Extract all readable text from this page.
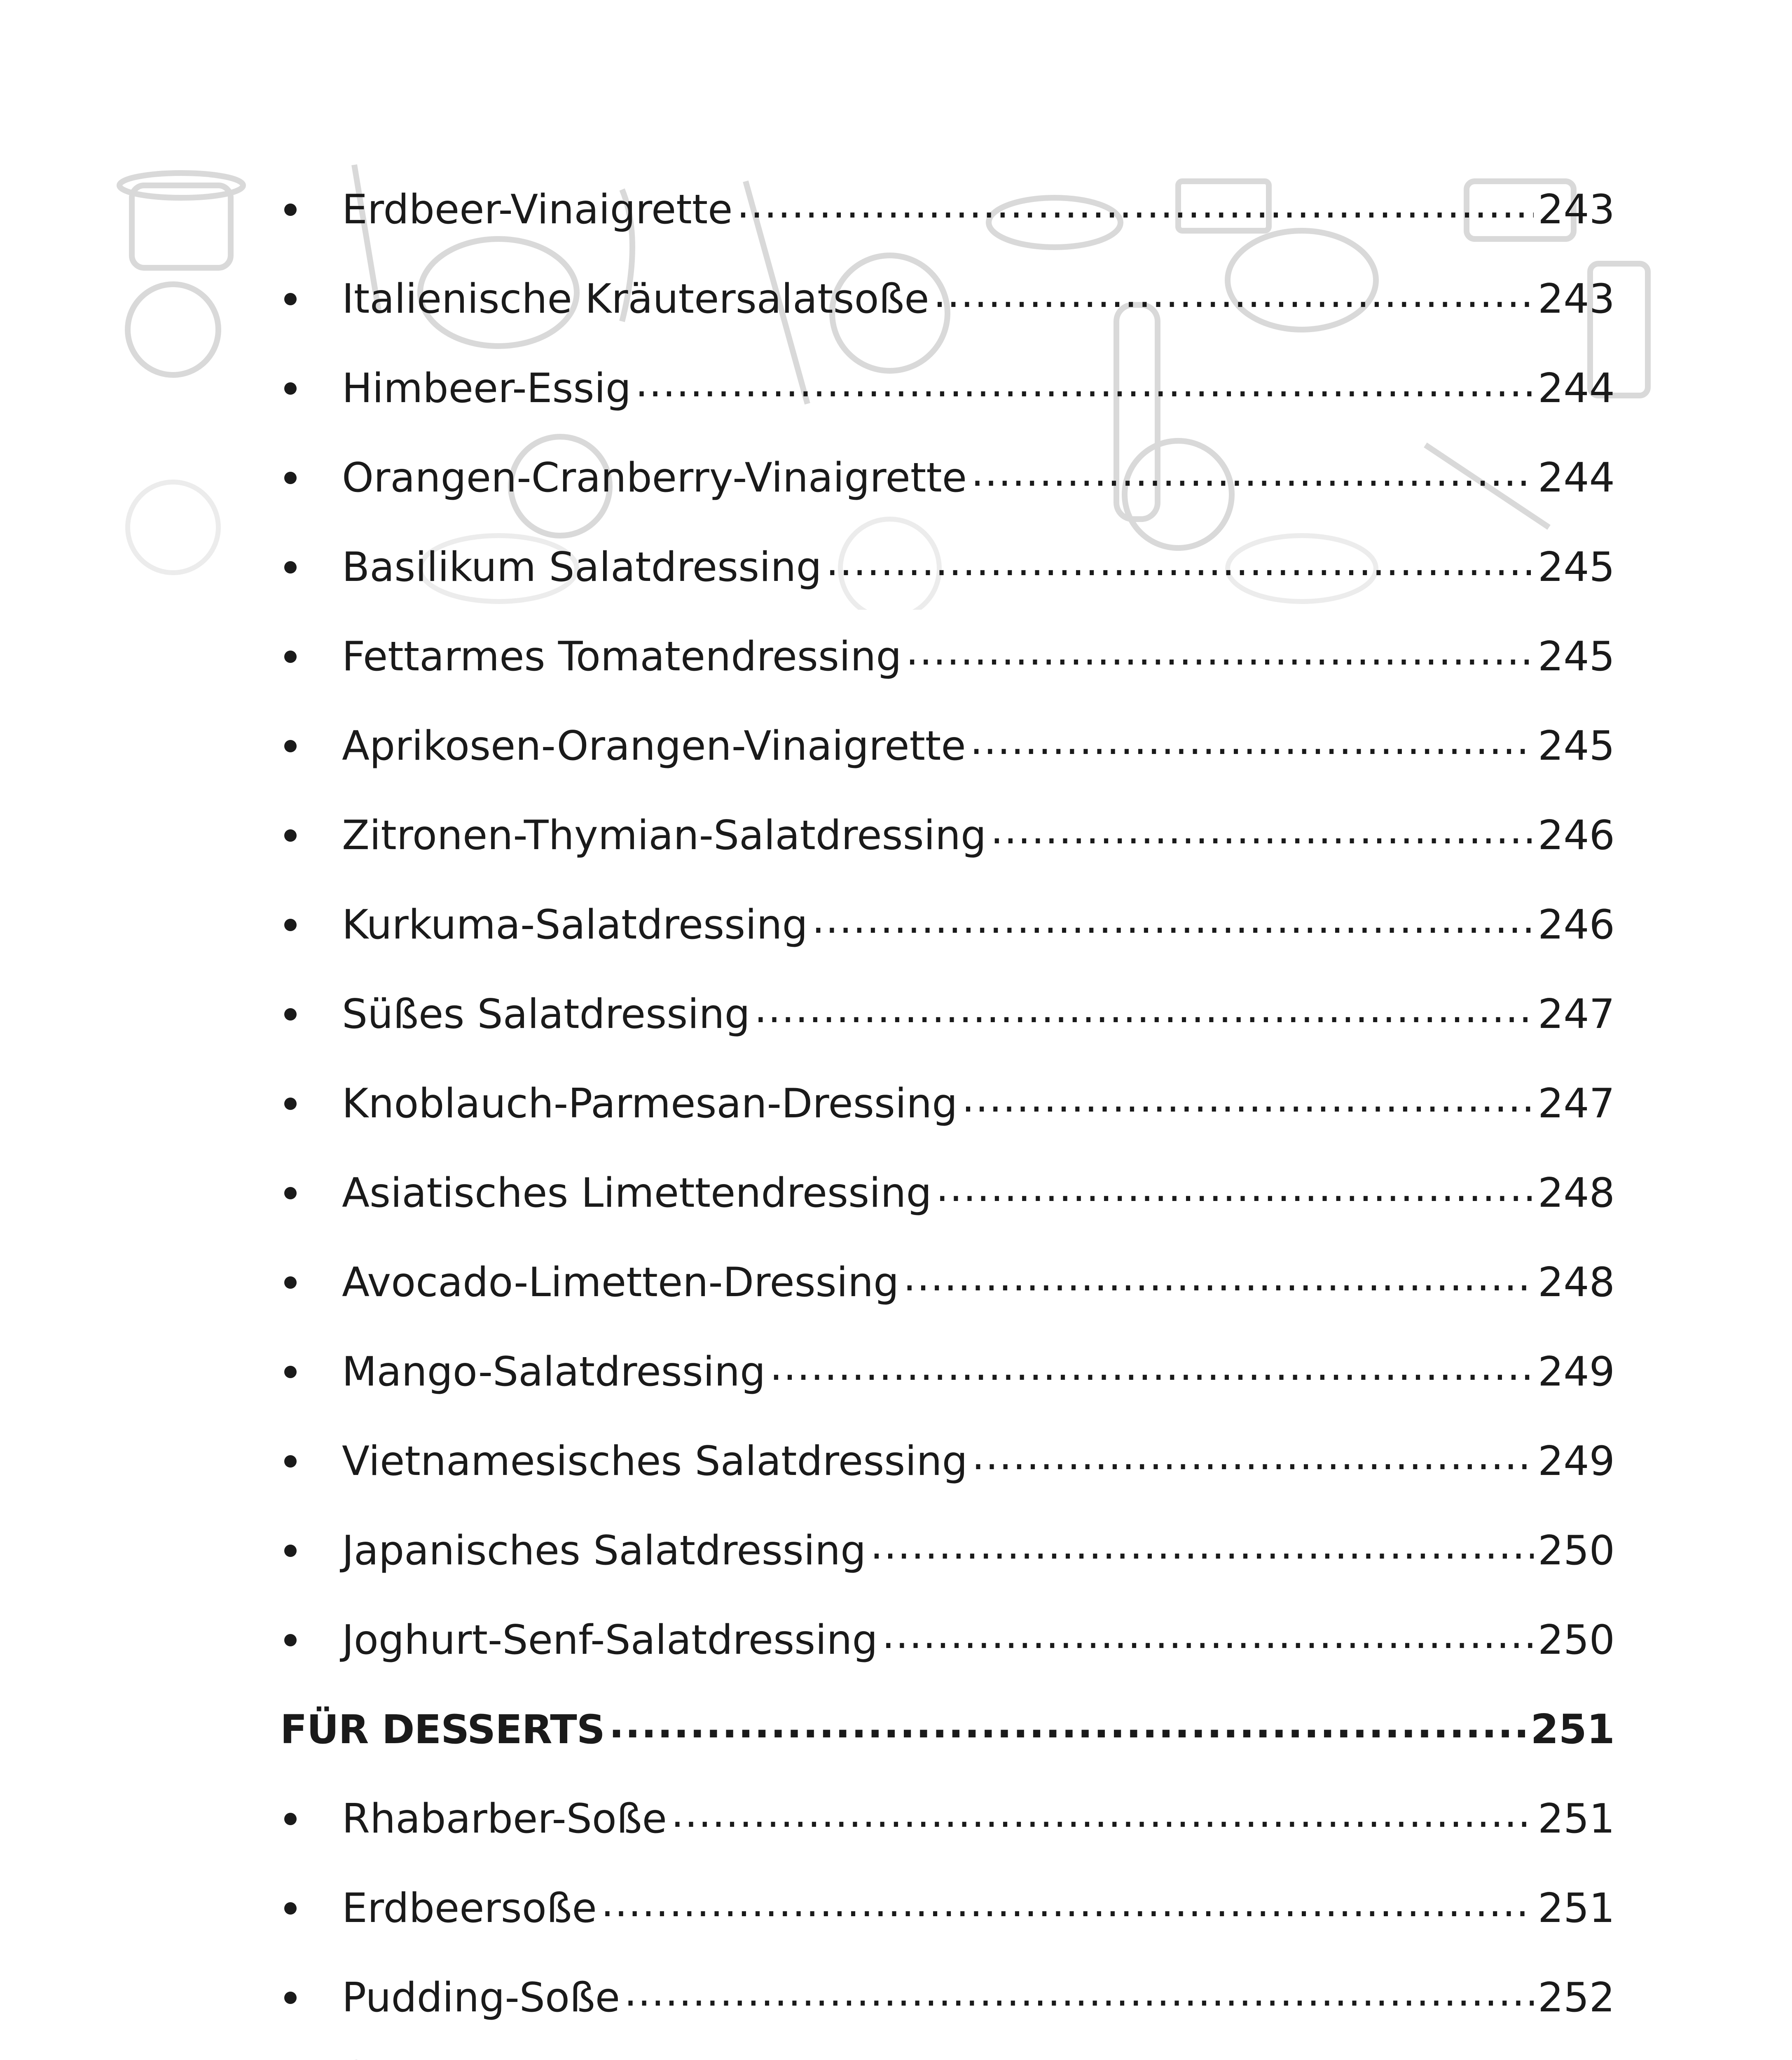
Erdbeer-Vinaigrette .....	243
Italienische Kräutersalatsoße .....	243
Himbeer-Essig .....	244
Orangen-Cranberry-Vinaigrette .....	244
Basilikum Salatdressing .....	245
Fettarmes Tomatendressing .....	245
Aprikosen-Orangen-Vinaigrette .....	245
Zitronen-Thymian-Salatdressing .....	246
Kurkuma-Salatdressing .....	246
Süßes Salatdressing .....	247
Knoblauch-Parmesan-Dressing .....	247
Asiatisches Limettendressing .....	248
Avocado-Limetten-Dressing .....	248
Mango-Salatdressing .....	249
Vietnamesisches Salatdressing .....	249
Japanisches Salatdressing .....	250
Joghurt-Senf-Salatdressing .....	250
FÜR DESSERTS .....	251
Rhabarber-Soße .....	251
Erdbeersoße .....	251
Pudding-Soße .....	252
